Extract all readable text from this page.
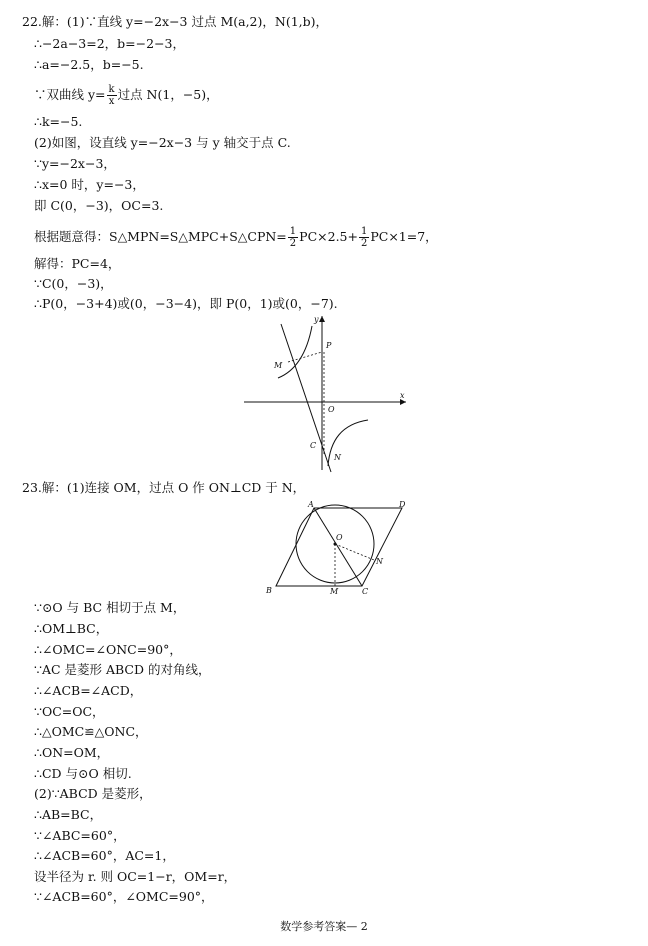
22.解：(1)∵直线 y=−2x−3 过点 M(a,2)，N(1,b)，
∴−2a−3=2，b=−2−3，
∴a=−2.5，b=−5.
∵双曲线 $y= \frac{k}{x}$ 过点 N(1，−5)，
∴k=−5.
(2)如图，设直线 y=−2x−3 与 y 轴交于点 C.
∵y=−2x−3，
∴x=0 时，y=−3，
即 C(0，−3)，OC=3.
根据题意得：S△MPN=S△MPC+S△CPN= $\frac{1}{2} PC\times 2.5+ \frac{1}{2} PC\times 1=7$，
解得：PC=4，
∵C(0，−3)，
∴P(0，−3+4)或(0，−3−4)，即 P(0，1)或(0，−7).
y
x
P
M
O
C
N
23.解：(1)连接 OM，过点 O 作 ON⊥CD 于 N，
A	D
O
N
B	M	C
∵⊙O 与 BC 相切于点 M，
∴OM⊥BC，
∴∠OMC=∠ONC=90°，
∵AC 是菱形 ABCD 的对角线，
∴∠ACB=∠ACD，
∵OC=OC，
∴△OMC≌△ONC，
∴ON=OM，
∴CD 与⊙O 相切.
(2)∵ABCD 是菱形，
∴AB=BC，
∵∠ABC=60°，
∴∠ACB=60°，AC=1，
设半径为 r. 则 OC=1−r，OM=r，
∵∠ACB=60°，∠OMC=90°，
数学参考答案— 2
